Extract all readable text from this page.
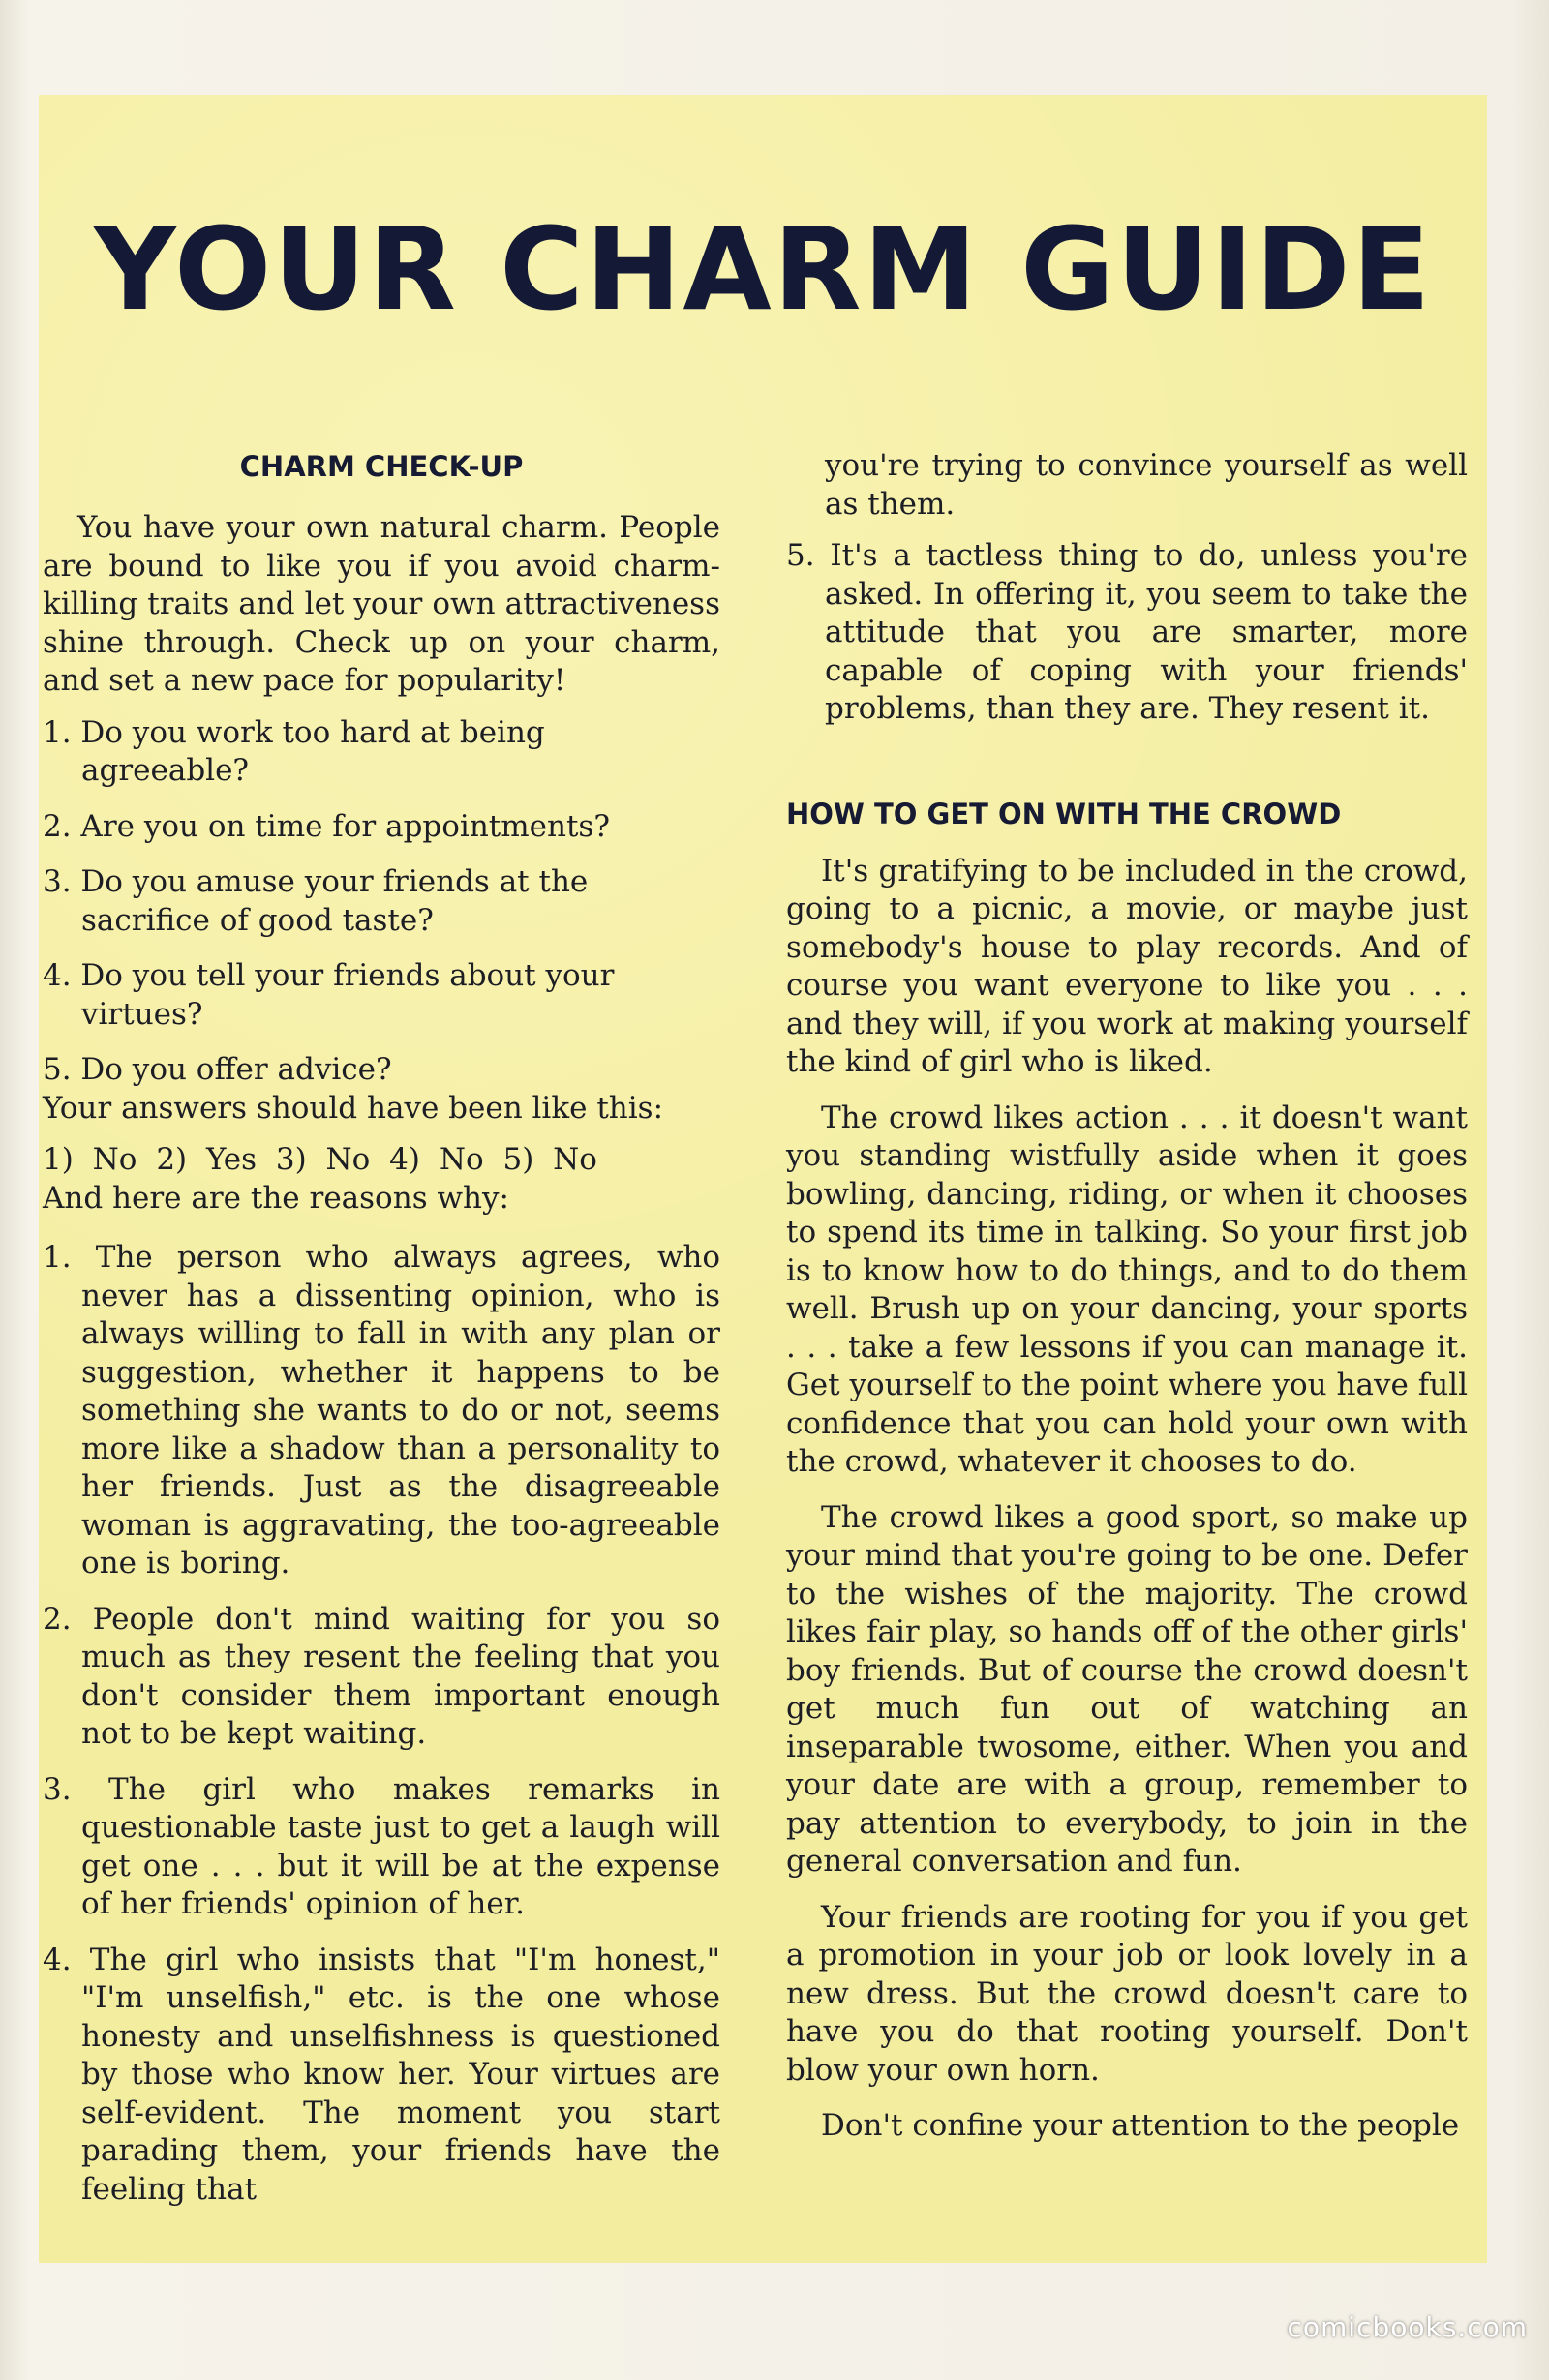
YOUR CHARM GUIDE
CHARM CHECK-UP

You have your own natural charm. People are bound to like you if you avoid charm-killing traits and let your own attractiveness shine through. Check up on your charm, and set a new pace for popularity!

1. Do you work too hard at being agreeable?

2. Are you on time for appointments?

3. Do you amuse your friends at the sacrifice of good taste?

4. Do you tell your friends about your virtues?

5. Do you offer advice?

Your answers should have been like this:

1) No 2) Yes 3) No 4) No 5) No

And here are the reasons why:

1. The person who always agrees, who never has a dissenting opinion, who is always willing to fall in with any plan or suggestion, whether it happens to be something she wants to do or not, seems more like a shadow than a personality to her friends. Just as the disagreeable woman is aggravating, the too-agreeable one is boring.

2. People don't mind waiting for you so much as they resent the feeling that you don't consider them important enough not to be kept waiting.

3. The girl who makes remarks in questionable taste just to get a laugh will get one . . . but it will be at the expense of her friends' opinion of her.

4. The girl who insists that "I'm honest," "I'm unselfish," etc. is the one whose honesty and unselfishness is questioned by those who know her. Your virtues are self-evident. The moment you start parading them, your friends have the feeling that

you're trying to convince yourself as well as them.

5. It's a tactless thing to do, unless you're asked. In offering it, you seem to take the attitude that you are smarter, more capable of coping with your friends' problems, than they are. They resent it.

HOW TO GET ON WITH THE CROWD

It's gratifying to be included in the crowd, going to a picnic, a movie, or maybe just somebody's house to play records. And of course you want everyone to like you . . . and they will, if you work at making yourself the kind of girl who is liked.

The crowd likes action . . . it doesn't want you standing wistfully aside when it goes bowling, dancing, riding, or when it chooses to spend its time in talking. So your first job is to know how to do things, and to do them well. Brush up on your dancing, your sports . . . take a few lessons if you can manage it. Get yourself to the point where you have full confidence that you can hold your own with the crowd, whatever it chooses to do.

The crowd likes a good sport, so make up your mind that you're going to be one. Defer to the wishes of the majority. The crowd likes fair play, so hands off of the other girls' boy friends. But of course the crowd doesn't get much fun out of watching an inseparable twosome, either. When you and your date are with a group, remember to pay attention to everybody, to join in the general conversation and fun.

Your friends are rooting for you if you get a promotion in your job or look lovely in a new dress. But the crowd doesn't care to have you do that rooting yourself. Don't blow your own horn.

Don't confine your attention to the people

comicbooks.com
